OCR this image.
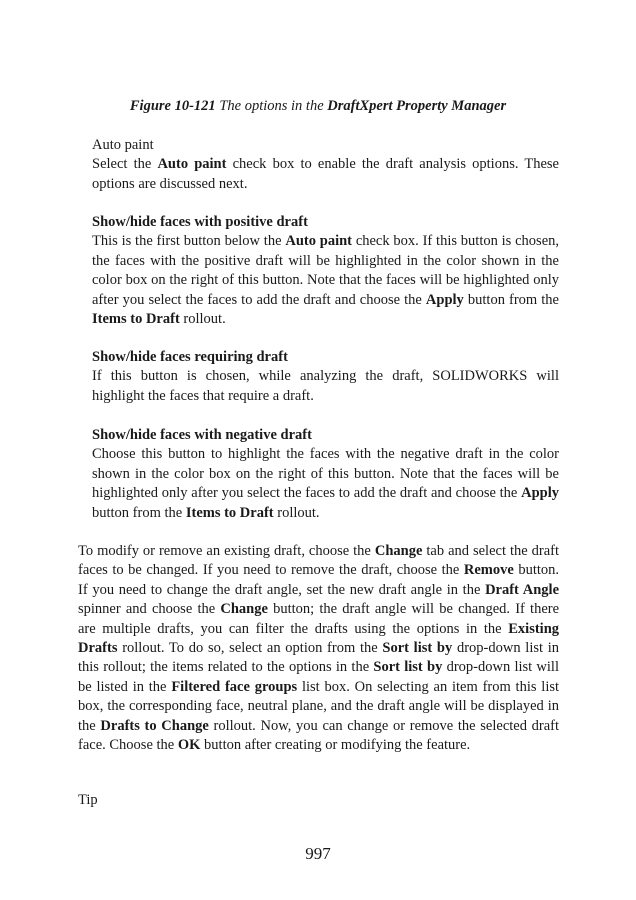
Figure 10-121 The options in the DraftXpert Property Manager
Auto paint
Select the Auto paint check box to enable the draft analysis options. These options are discussed next.
Show/hide faces with positive draft
This is the first button below the Auto paint check box. If this button is chosen, the faces with the positive draft will be highlighted in the color shown in the color box on the right of this button. Note that the faces will be highlighted only after you select the faces to add the draft and choose the Apply button from the Items to Draft rollout.
Show/hide faces requiring draft
If this button is chosen, while analyzing the draft, SOLIDWORKS will highlight the faces that require a draft.
Show/hide faces with negative draft
Choose this button to highlight the faces with the negative draft in the color shown in the color box on the right of this button. Note that the faces will be highlighted only after you select the faces to add the draft and choose the Apply button from the Items to Draft rollout.
To modify or remove an existing draft, choose the Change tab and select the draft faces to be changed. If you need to remove the draft, choose the Remove button. If you need to change the draft angle, set the new draft angle in the Draft Angle spinner and choose the Change button; the draft angle will be changed. If there are multiple drafts, you can filter the drafts using the options in the Existing Drafts rollout. To do so, select an option from the Sort list by drop-down list in this rollout; the items related to the options in the Sort list by drop-down list will be listed in the Filtered face groups list box. On selecting an item from this list box, the corresponding face, neutral plane, and the draft angle will be displayed in the Drafts to Change rollout. Now, you can change or remove the selected draft face. Choose the OK button after creating or modifying the feature.
Tip
997
